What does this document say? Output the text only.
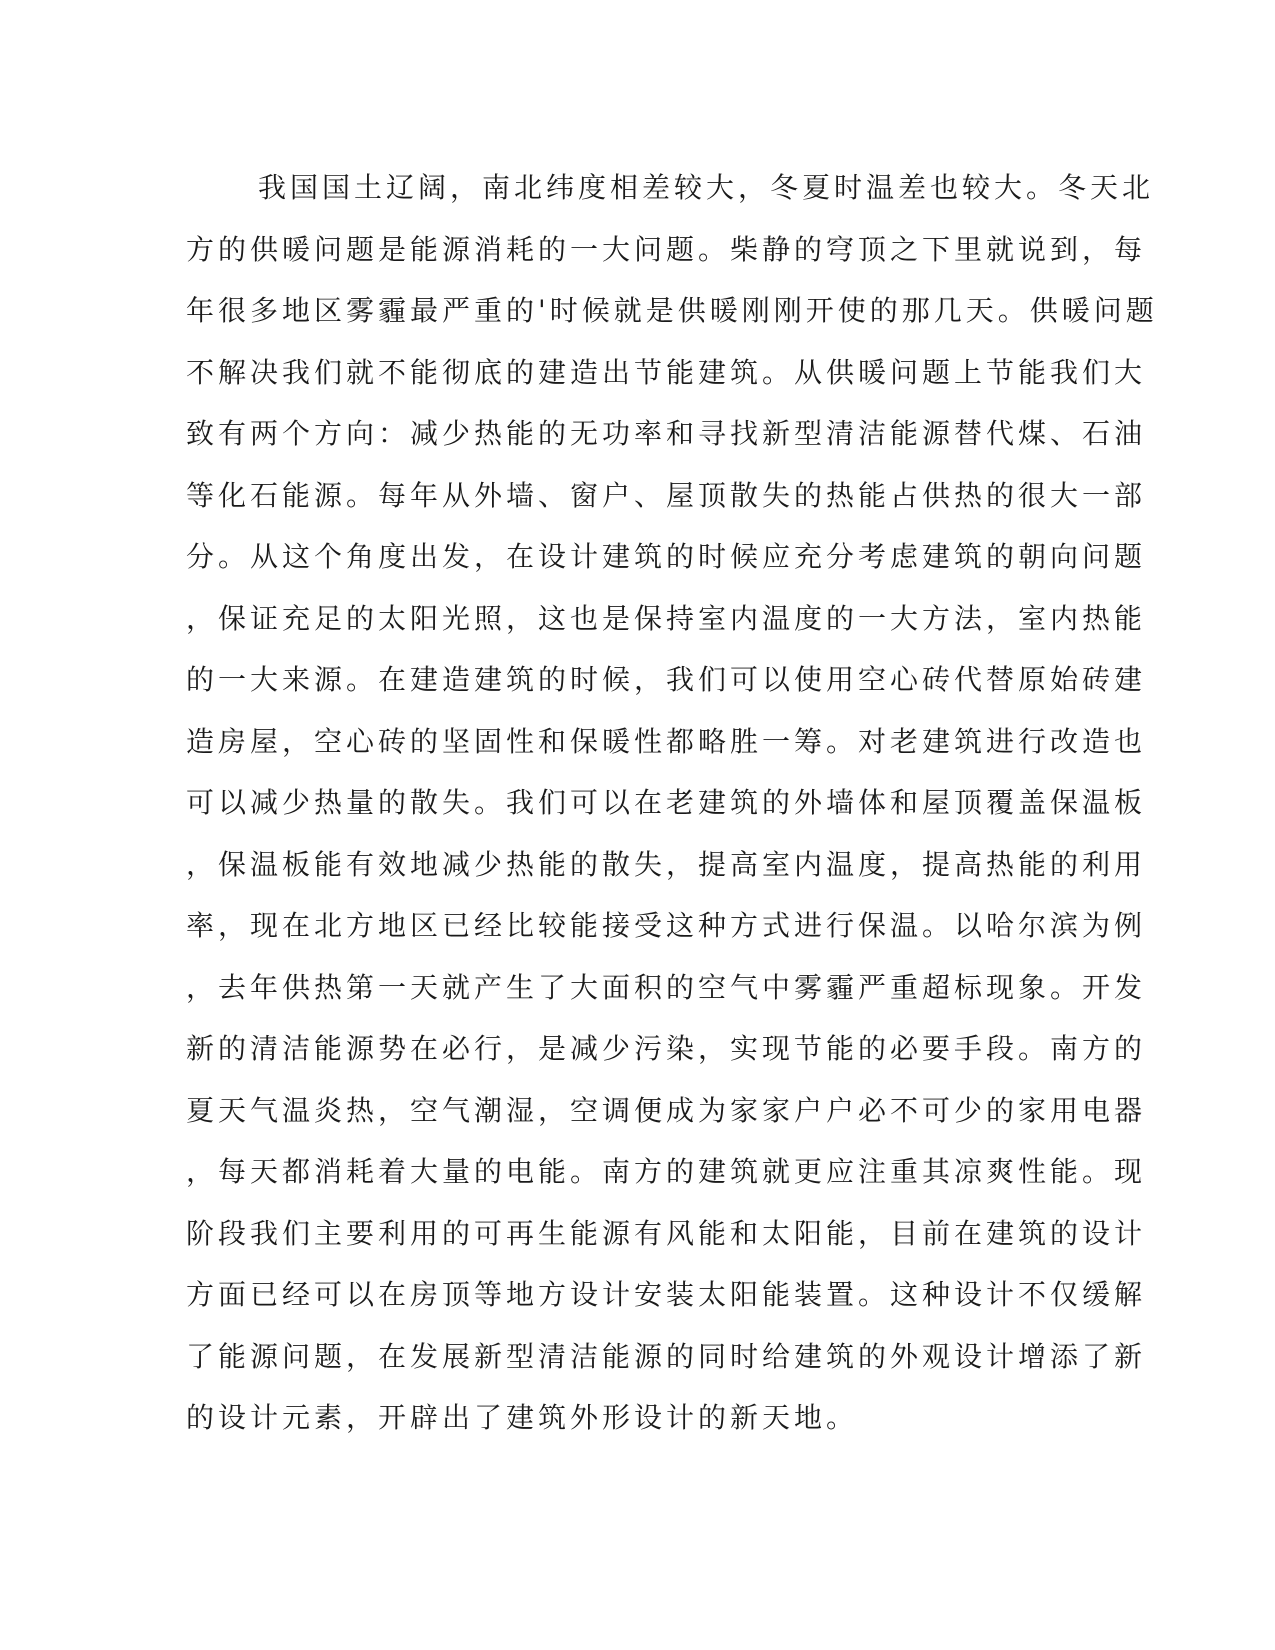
我国国土辽阔，南北纬度相差较大，冬夏时温差也较大。冬天北
方的供暖问题是能源消耗的一大问题。柴静的穹顶之下里就说到，每
年很多地区雾霾最严重的'时候就是供暖刚刚开使的那几天。供暖问题
不解决我们就不能彻底的建造出节能建筑。从供暖问题上节能我们大
致有两个方向：减少热能的无功率和寻找新型清洁能源替代煤、石油
等化石能源。每年从外墙、窗户、屋顶散失的热能占供热的很大一部
分。从这个角度出发，在设计建筑的时候应充分考虑建筑的朝向问题
，保证充足的太阳光照，这也是保持室内温度的一大方法，室内热能
的一大来源。在建造建筑的时候，我们可以使用空心砖代替原始砖建
造房屋，空心砖的坚固性和保暖性都略胜一筹。对老建筑进行改造也
可以减少热量的散失。我们可以在老建筑的外墙体和屋顶覆盖保温板
，保温板能有效地减少热能的散失，提高室内温度，提高热能的利用
率，现在北方地区已经比较能接受这种方式进行保温。以哈尔滨为例
，去年供热第一天就产生了大面积的空气中雾霾严重超标现象。开发
新的清洁能源势在必行，是减少污染，实现节能的必要手段。南方的
夏天气温炎热，空气潮湿，空调便成为家家户户必不可少的家用电器
，每天都消耗着大量的电能。南方的建筑就更应注重其凉爽性能。现
阶段我们主要利用的可再生能源有风能和太阳能，目前在建筑的设计
方面已经可以在房顶等地方设计安装太阳能装置。这种设计不仅缓解
了能源问题，在发展新型清洁能源的同时给建筑的外观设计增添了新
的设计元素，开辟出了建筑外形设计的新天地。
